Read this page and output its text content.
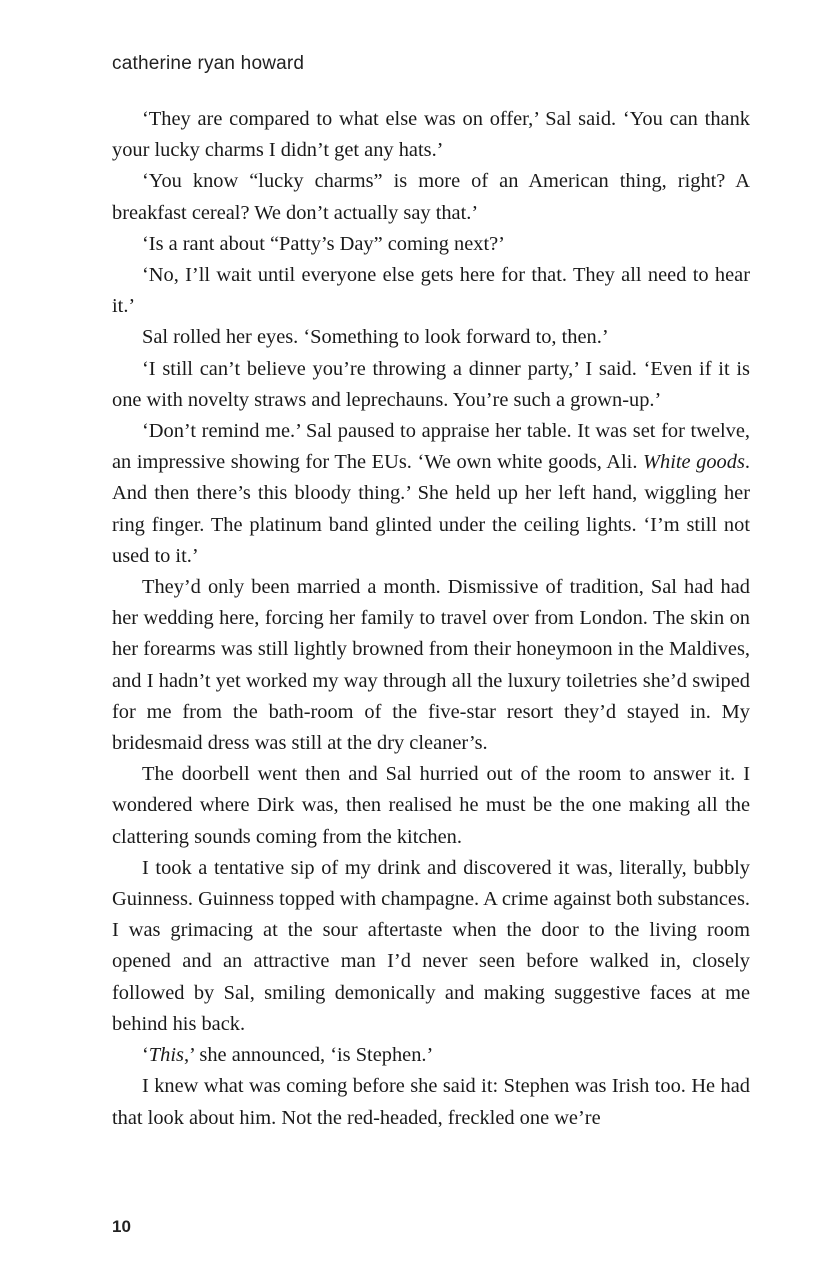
catherine ryan howard

‘They are compared to what else was on offer,’ Sal said. ‘You can thank your lucky charms I didn’t get any hats.’

‘You know “lucky charms” is more of an American thing, right? A breakfast cereal? We don’t actually say that.’

‘Is a rant about “Patty’s Day” coming next?’

‘No, I’ll wait until everyone else gets here for that. They all need to hear it.’

Sal rolled her eyes. ‘Something to look forward to, then.’

‘I still can’t believe you’re throwing a dinner party,’ I said. ‘Even if it is one with novelty straws and leprechauns. You’re such a grown-up.’

‘Don’t remind me.’ Sal paused to appraise her table. It was set for twelve, an impressive showing for The EUs. ‘We own white goods, Ali. White goods. And then there’s this bloody thing.’ She held up her left hand, wiggling her ring finger. The platinum band glinted under the ceiling lights. ‘I’m still not used to it.’

They’d only been married a month. Dismissive of tradition, Sal had had her wedding here, forcing her family to travel over from London. The skin on her forearms was still lightly browned from their honeymoon in the Maldives, and I hadn’t yet worked my way through all the luxury toiletries she’d swiped for me from the bath-room of the five-star resort they’d stayed in. My bridesmaid dress was still at the dry cleaner’s.

The doorbell went then and Sal hurried out of the room to answer it. I wondered where Dirk was, then realised he must be the one making all the clattering sounds coming from the kitchen.

I took a tentative sip of my drink and discovered it was, literally, bubbly Guinness. Guinness topped with champagne. A crime against both substances. I was grimacing at the sour aftertaste when the door to the living room opened and an attractive man I’d never seen before walked in, closely followed by Sal, smiling demonically and making suggestive faces at me behind his back.

‘This,’ she announced, ‘is Stephen.’

I knew what was coming before she said it: Stephen was Irish too. He had that look about him. Not the red-headed, freckled one we’re

10
